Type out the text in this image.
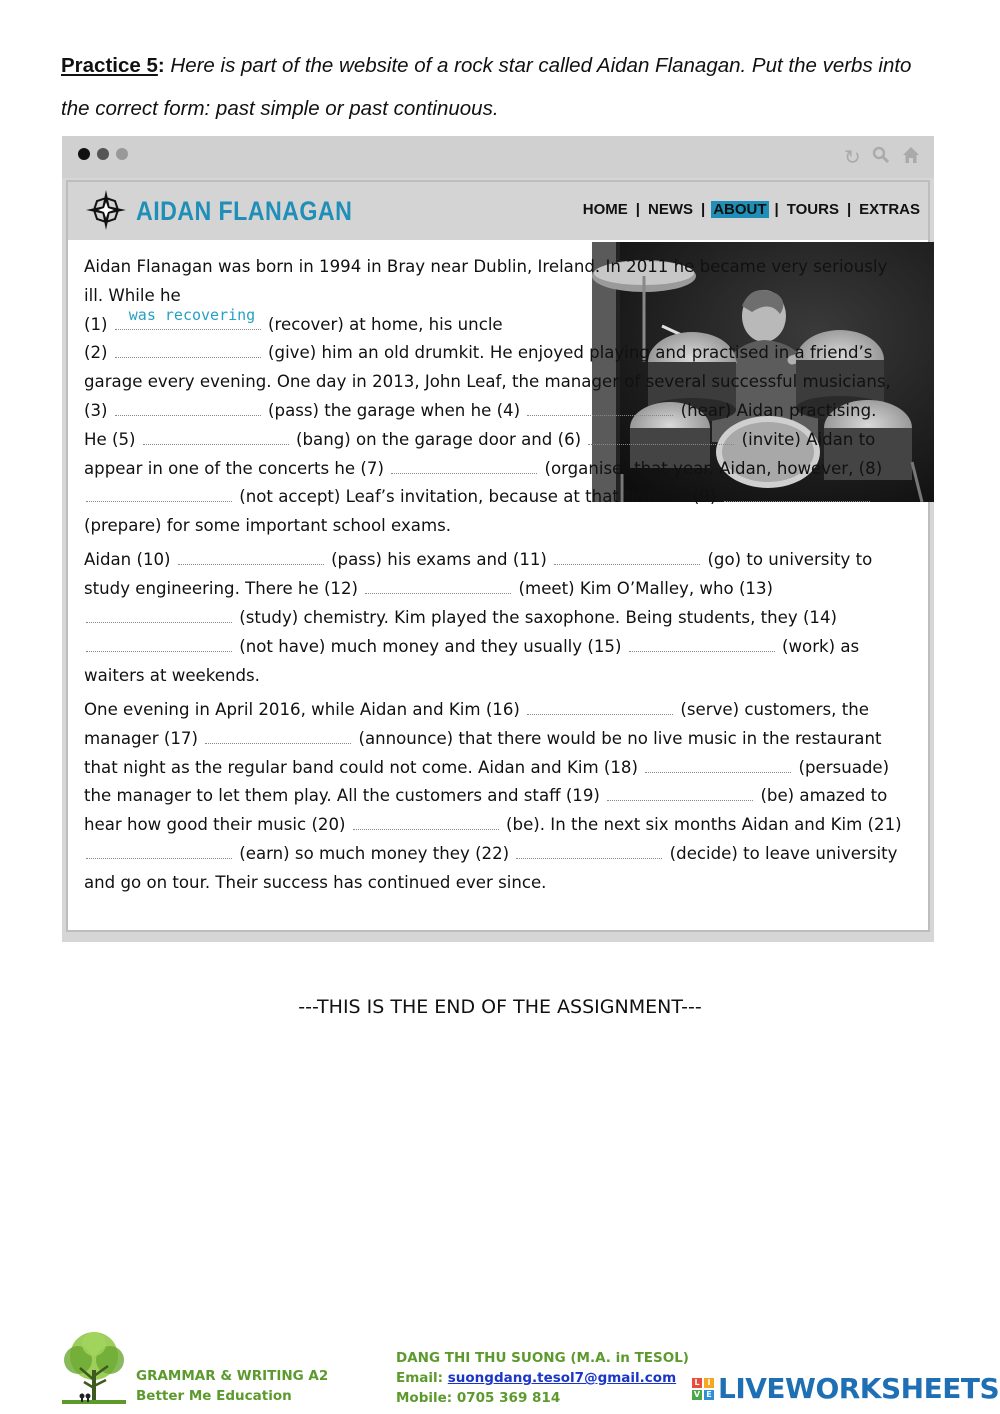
Practice 5: Here is part of the website of a rock star called Aidan Flanagan. Put the verbs into the correct form: past simple or past continuous.
↻
AIDAN FLANAGAN	HOME | NEWS | ABOUT | TOURS | EXTRAS

Aidan Flanagan was born in 1994 in Bray near Dublin, Ireland. In 2011 he became very seriously ill. While he
(1) was recovering (recover) at home, his uncle
(2)	(give) him an old drumkit. He enjoyed playing and practised in a friend’s garage every evening. One day in 2013, John Leaf, the manager of several successful musicians, (3)	(pass) the garage when he (4)	(hear) Aidan practising. He (5)	(bang) on the garage door and (6)	(invite) Aidan to appear in one of the concerts he (7)	(organise) that year. Aidan, however, (8)  (not accept) Leaf’s invitation, because at that time he (9)  (prepare) for some important school exams.

Aidan (10)	(pass) his exams and (11)	(go) to university to study engineering. There he (12)	(meet) Kim O’Malley, who (13)  (study) chemistry. Kim played the saxophone. Being students, they (14)  (not have) much money and they usually (15)	(work) as waiters at weekends.

One evening in April 2016, while Aidan and Kim (16)	(serve) customers, the manager (17)	(announce) that there would be no live music in the restaurant that night as the regular band could not come. Aidan and Kim (18)	(persuade) the manager to let them play. All the customers and staff (19)	(be) amazed to hear how good their music (20)	(be). In the next six months Aidan and Kim (21)  (earn) so much money they (22)	(decide) to leave university and go on tour. Their success has continued ever since.

---THIS IS THE END OF THE ASSIGNMENT---
GRAMMAR & WRITING A2
Better Me Education
DANG THI THU SUONG (M.A. in TESOL)
Email: suongdang.tesol7@gmail.com
Mobile: 0705 369 814
L I
V E LIVEWORKSHEETS
